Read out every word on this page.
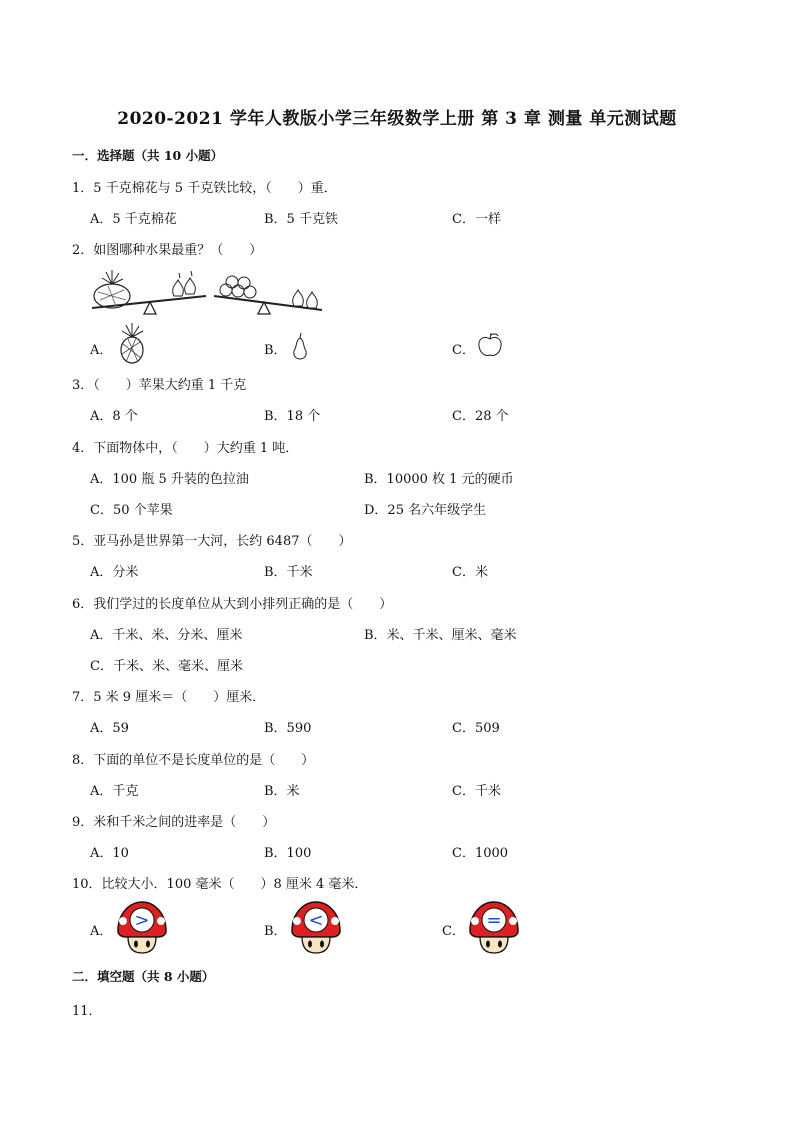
2020-2021 学年人教版小学三年级数学上册 第 3 章 测量 单元测试题
一．选择题（共 10 小题）
1．5 千克棉花与 5 千克铁比较，（　　）重．
A．5 千克棉花	B．5 千克铁	C．一样
2．如图哪种水果最重？（　　）
A．	B．	C．
3．（　　）苹果大约重 1 千克
A．8 个	B．18 个	C．28 个
4．下面物体中，（　　）大约重 1 吨．
A．100 瓶 5 升装的色拉油	B．10000 枚 1 元的硬币
C．50 个苹果	D．25 名六年级学生
5．亚马孙是世界第一大河，长约 6487（　　）
A．分米	B．千米	C．米
6．我们学过的长度单位从大到小排列正确的是（　　）
A．千米、米、分米、厘米	B．米、千米、厘米、毫米
C．千米、米、毫米、厘米
7．5 米 9 厘米＝（　　）厘米．
A．59	B．590	C．509
8．下面的单位不是长度单位的是（　　）
A．千克	B．米	C．千米
9．米和千米之间的进率是（　　）
A．10	B．100	C．1000
10．比较大小．100 毫米（　　）8 厘米 4 毫米．
A．
>
B．
<
C．
=
二．填空题（共 8 小题）
11．
